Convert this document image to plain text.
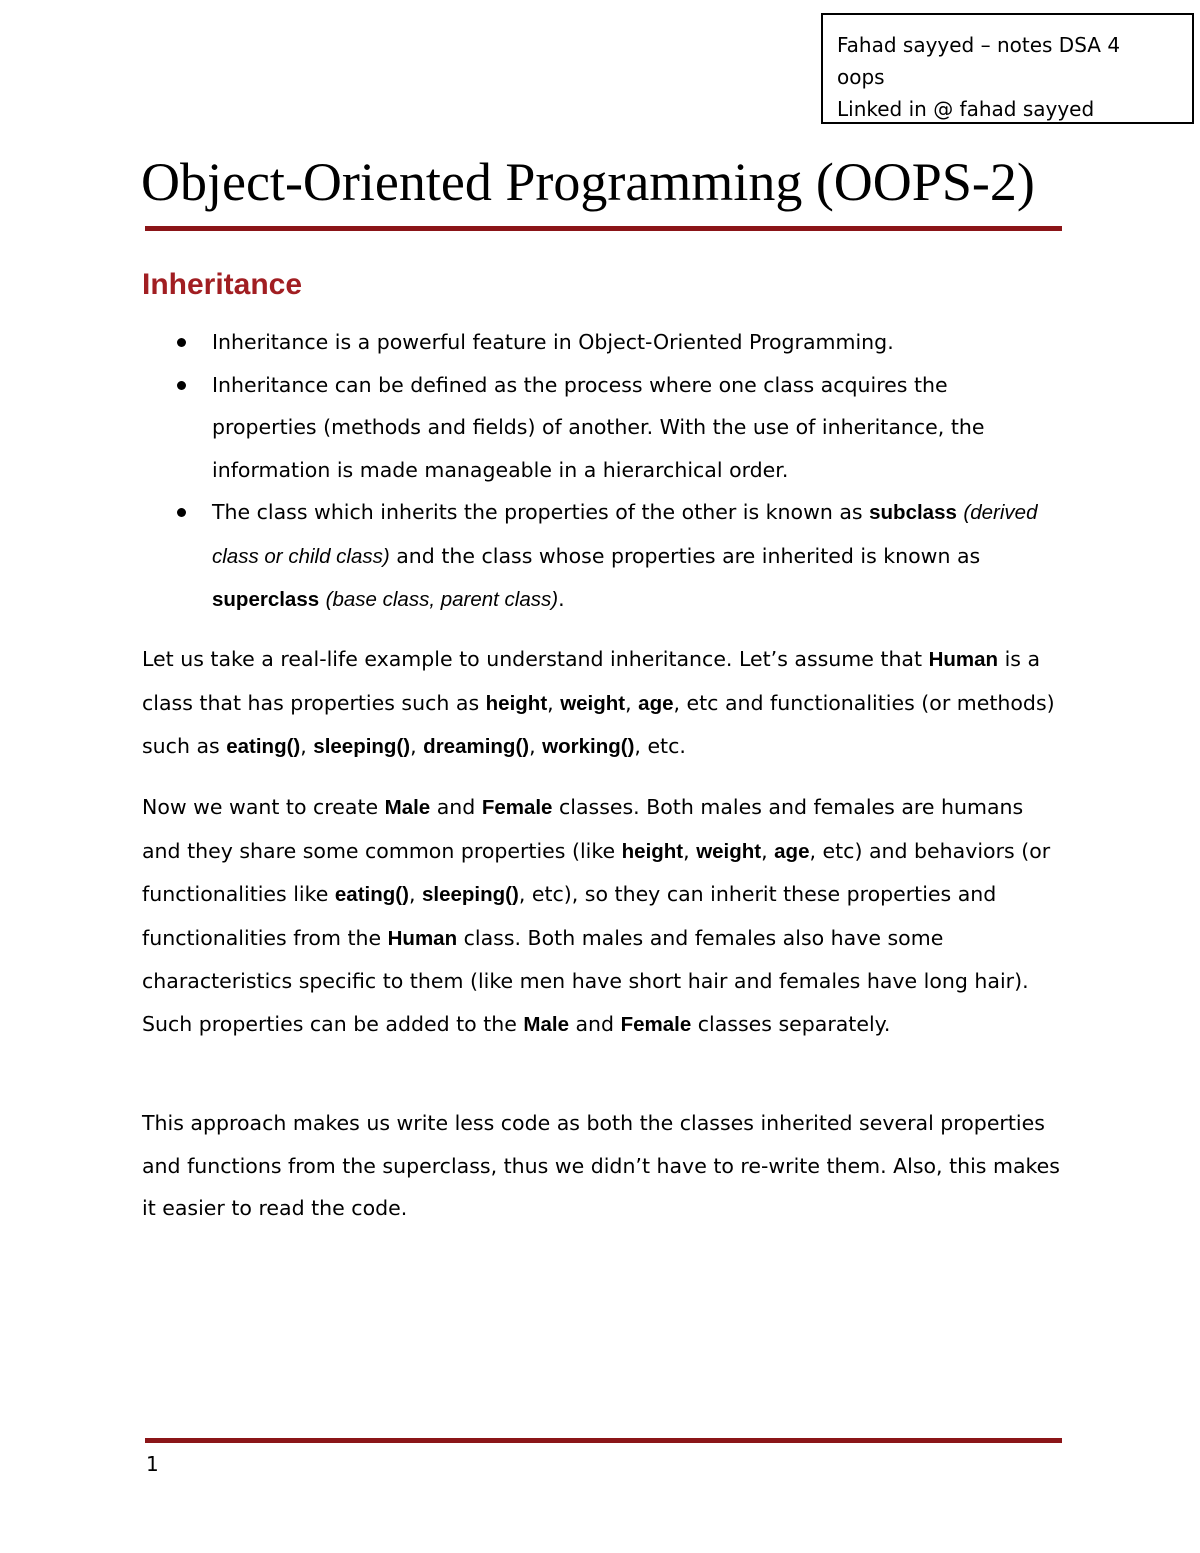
Fahad sayyed – notes DSA 4
oops
Linked in @ fahad sayyed
Object-Oriented Programming (OOPS-2)
Inheritance
Inheritance is a powerful feature in Object-Oriented Programming.
Inheritance can be defined as the process where one class acquires the properties (methods and fields) of another. With the use of inheritance, the information is made manageable in a hierarchical order.
The class which inherits the properties of the other is known as subclass (derived class or child class) and the class whose properties are inherited is known as superclass (base class, parent class).

Let us take a real-life example to understand inheritance. Let’s assume that Human is a class that has properties such as height, weight, age, etc and functionalities (or methods) such as eating(), sleeping(), dreaming(), working(), etc.

Now we want to create Male and Female classes. Both males and females are humans and they share some common properties (like height, weight, age, etc) and behaviors (or functionalities like eating(), sleeping(), etc), so they can inherit these properties and functionalities from the Human class. Both males and females also have some characteristics specific to them (like men have short hair and females have long hair). Such properties can be added to the Male and Female classes separately.

This approach makes us write less code as both the classes inherited several properties and functions from the superclass, thus we didn’t have to re-write them. Also, this makes it easier to read the code.

1
